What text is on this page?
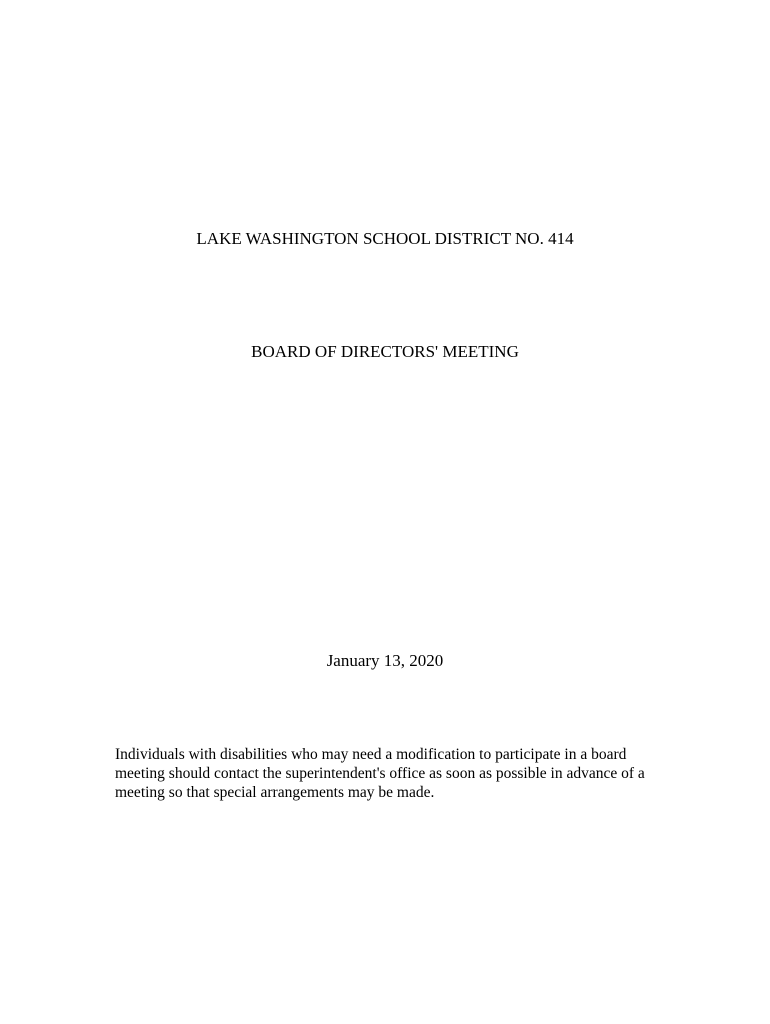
LAKE WASHINGTON SCHOOL DISTRICT NO. 414
BOARD OF DIRECTORS' MEETING
January 13, 2020
Individuals with disabilities who may need a modification to participate in a board
meeting should contact the superintendent's office as soon as possible in advance of a
meeting so that special arrangements may be made.
